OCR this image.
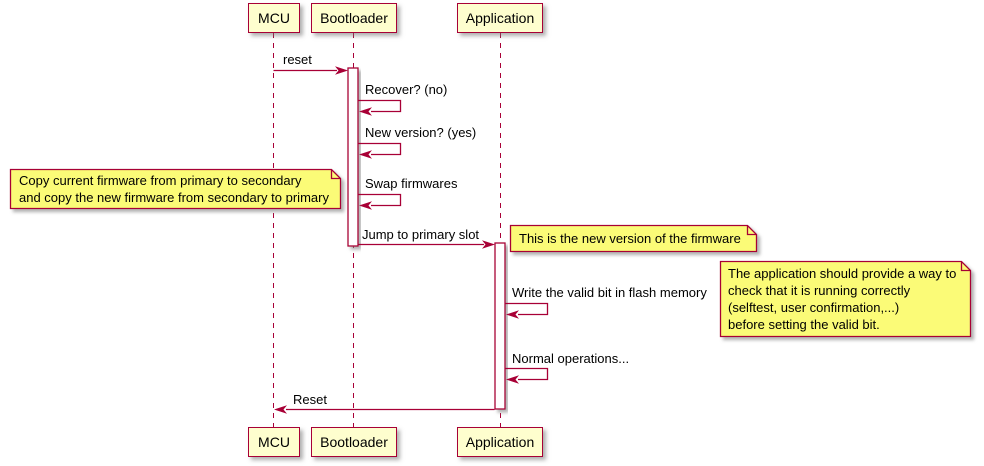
MCU Bootloader	Application
MCU Bootloader	Application
reset
Recover? (no)
New version? (yes)
Swap firmwares
Jump to primary slot
Write the valid bit in flash memory
Normal operations...
Reset
Copy current firmware from primary to secondary
and copy the new firmware from secondary to primary
This is the new version of the firmware
The application should provide a way to
check that it is running correctly
(selftest, user confirmation,...)
before setting the valid bit.
